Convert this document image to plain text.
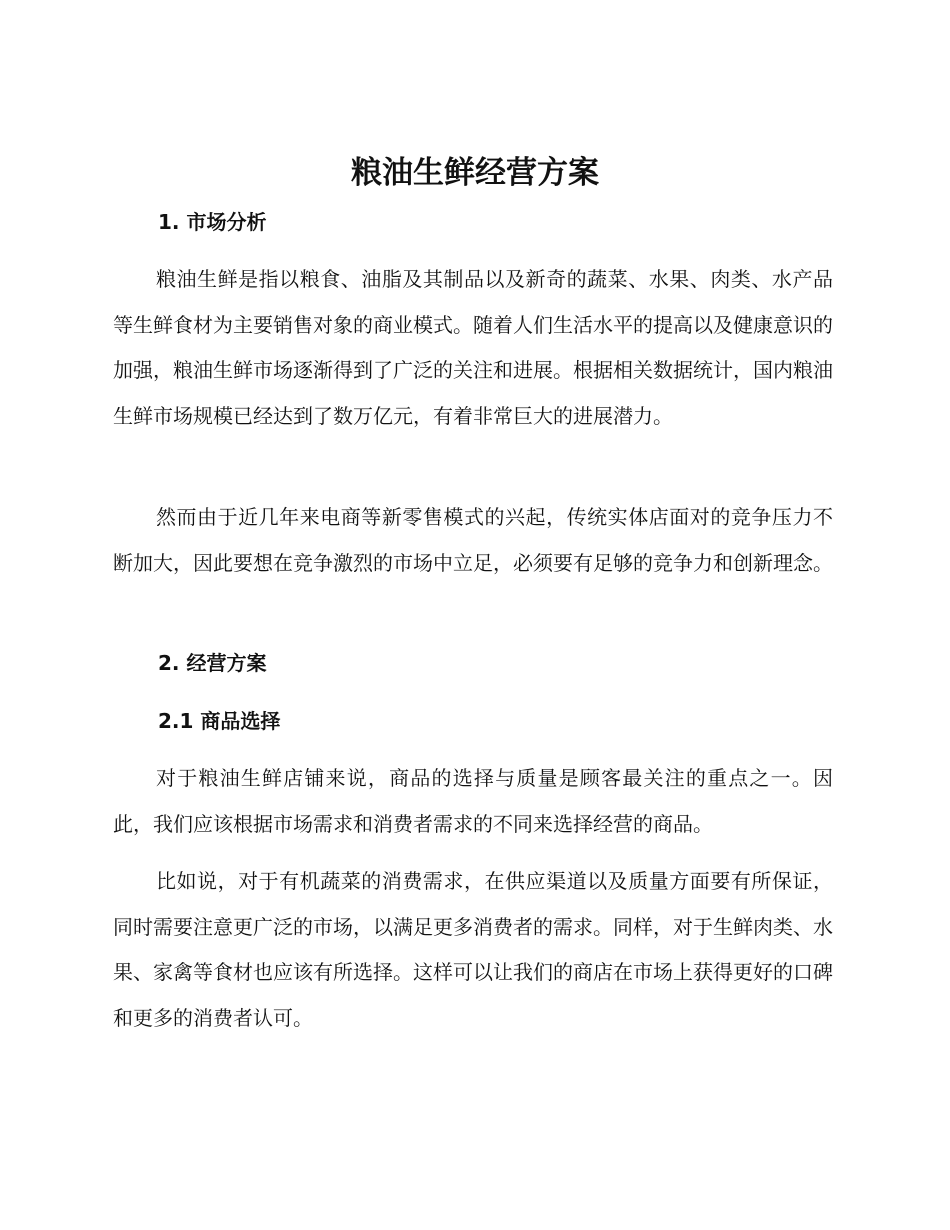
粮油生鲜经营方案
1. 市场分析

粮油生鲜是指以粮食、油脂及其制品以及新奇的蔬菜、水果、肉类、水产品等生鲜食材为主要销售对象的商业模式。随着人们生活水平的提高以及健康意识的加强，粮油生鲜市场逐渐得到了广泛的关注和进展。根据相关数据统计，国内粮油生鲜市场规模已经达到了数万亿元，有着非常巨大的进展潜力。

然而由于近几年来电商等新零售模式的兴起，传统实体店面对的竞争压力不断加大，因此要想在竞争激烈的市场中立足，必须要有足够的竞争力和创新理念。

2. 经营方案
2.1 商品选择

对于粮油生鲜店铺来说，商品的选择与质量是顾客最关注的重点之一。因此，我们应该根据市场需求和消费者需求的不同来选择经营的商品。

比如说，对于有机蔬菜的消费需求，在供应渠道以及质量方面要有所保证，同时需要注意更广泛的市场，以满足更多消费者的需求。同样，对于生鲜肉类、水果、家禽等食材也应该有所选择。这样可以让我们的商店在市场上获得更好的口碑和更多的消费者认可。
